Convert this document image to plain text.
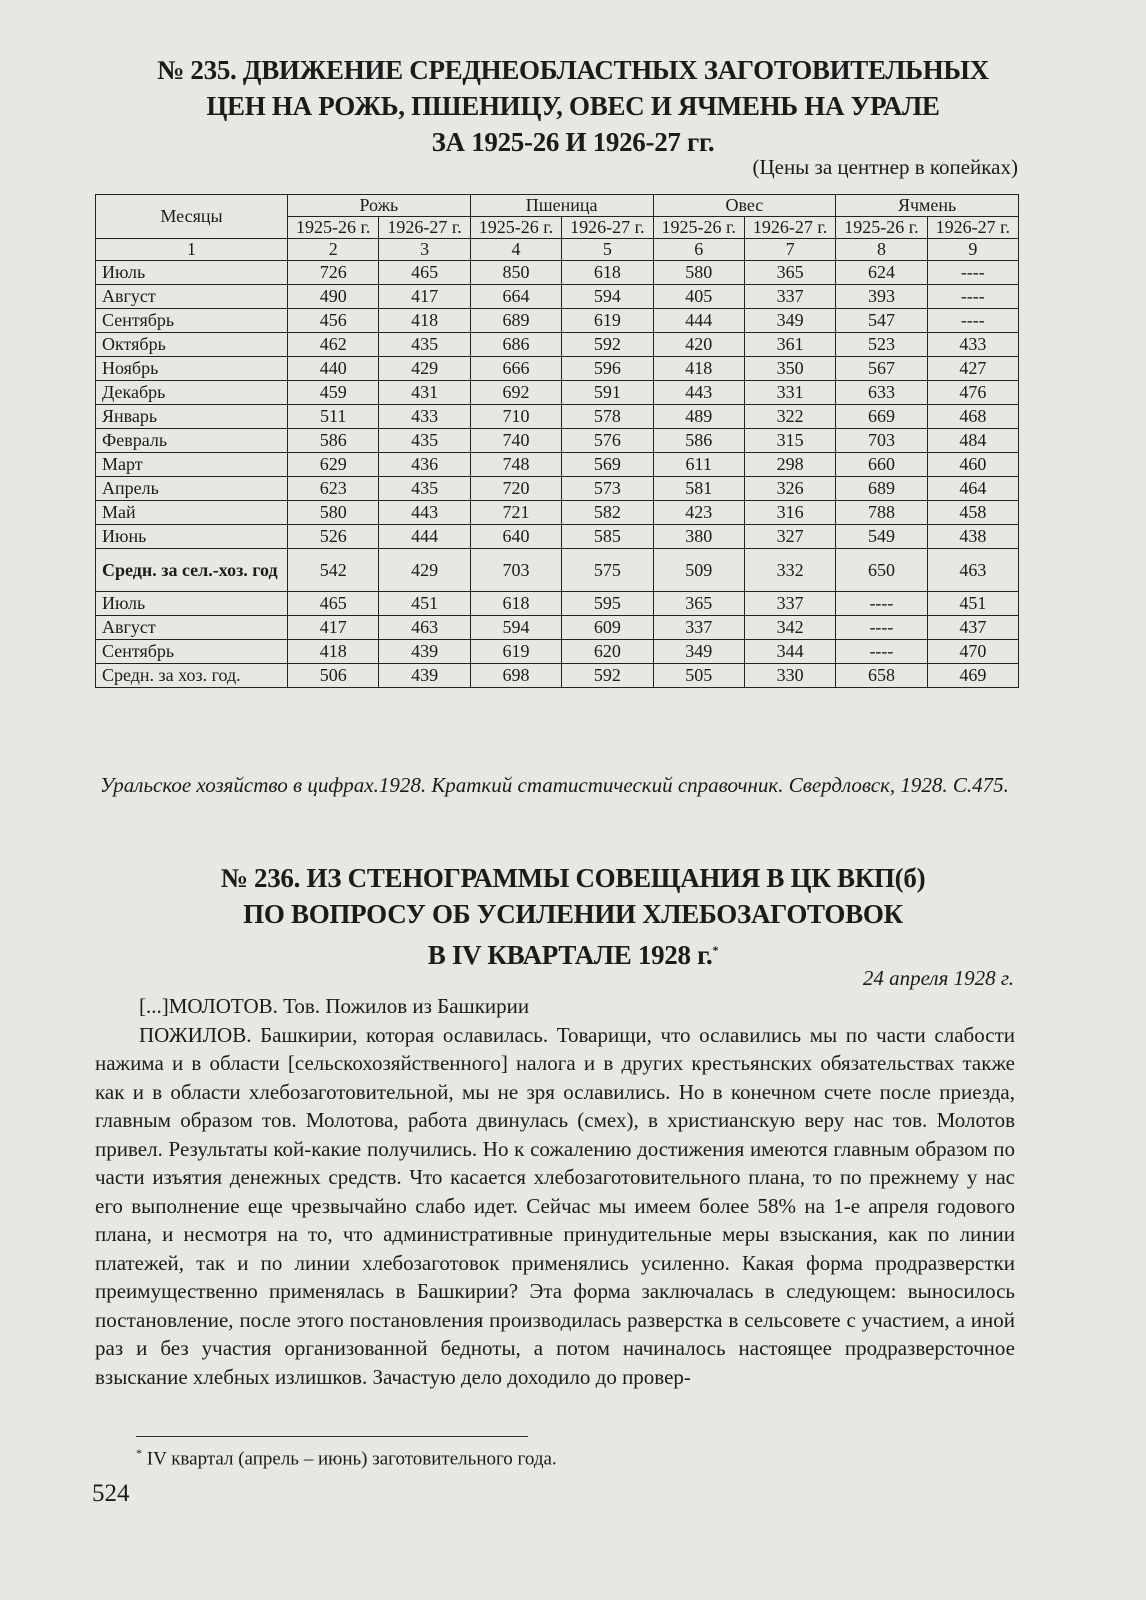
№ 235. ДВИЖЕНИЕ СРЕДНЕОБЛАСТНЫХ ЗАГОТОВИТЕЛЬНЫХ
ЦЕН НА РОЖЬ, ПШЕНИЦУ, ОВЕС И ЯЧМЕНЬ НА УРАЛЕ
ЗА 1925-26 И 1926-27 гг.
(Цены за центнер в копейках)
Месяцы	Рожь		Пшеница		Овес		Ячмень	
	1925-26 г.	1926-27 г.	1925-26 г.	1926-27 г.	1925-26 г.	1926-27 г.	1925-26 г.	1926-27 г.
1	2	3	4	5	6	7	8	9
Июль	726	465	850	618	580	365	624	----
Август	490	417	664	594	405	337	393	----
Сентябрь	456	418	689	619	444	349	547	----
Октябрь	462	435	686	592	420	361	523	433
Ноябрь	440	429	666	596	418	350	567	427
Декабрь	459	431	692	591	443	331	633	476
Январь	511	433	710	578	489	322	669	468
Февраль	586	435	740	576	586	315	703	484
Март	629	436	748	569	611	298	660	460
Апрель	623	435	720	573	581	326	689	464
Май	580	443	721	582	423	316	788	458
Июнь	526	444	640	585	380	327	549	438
Средн. за сел.-хоз. год	542	429	703	575	509	332	650	463
Июль	465	451	618	595	365	337	----	451
Август	417	463	594	609	337	342	----	437
Сентябрь	418	439	619	620	349	344	----	470
Средн. за хоз. год.	506	439	698	592	505	330	658	469
Уральское хозяйство в цифрах.1928. Краткий статистический справочник. Свердловск, 1928. С.475.
№ 236. ИЗ СТЕНОГРАММЫ СОВЕЩАНИЯ В ЦК ВКП(б)
ПО ВОПРОСУ ОБ УСИЛЕНИИ ХЛЕБОЗАГОТОВОК
В IV КВАРТАЛЕ 1928 г.*
24 апреля 1928 г.

[...]МОЛОТОВ. Тов. Пожилов из Башкирии

ПОЖИЛОВ. Башкирии, которая ославилась. Товарищи, что ославились мы по части слабости нажима и в области [сельскохозяйственного] налога и в других крестьянских обязательствах также как и в области хлебозаготовительной, мы не зря ославились. Но в конечном счете после приезда, главным образом тов. Молотова, работа двинулась (смех), в христианскую веру нас тов. Молотов привел. Результаты кой-какие получились. Но к сожалению достижения имеются главным образом по части изъятия денежных средств. Что касается хлебозаготовительного плана, то по прежнему у нас его выполнение еще чрезвычайно слабо идет. Сейчас мы имеем более 58% на 1-е апреля годового плана, и несмотря на то, что административные принудительные меры взыскания, как по линии платежей, так и по линии хлебозаготовок применялись усиленно. Какая форма продразверстки преимущественно применялась в Башкирии? Эта форма заключалась в следующем: выносилось постановление, после этого постановления производилась разверстка в сельсовете с участием, а иной раз и без участия организованной бедноты, а потом начиналось настоящее продразверсточное взыскание хлебных излишков. Зачастую дело доходило до провер-

* IV квартал (апрель – июнь) заготовительного года.
524
